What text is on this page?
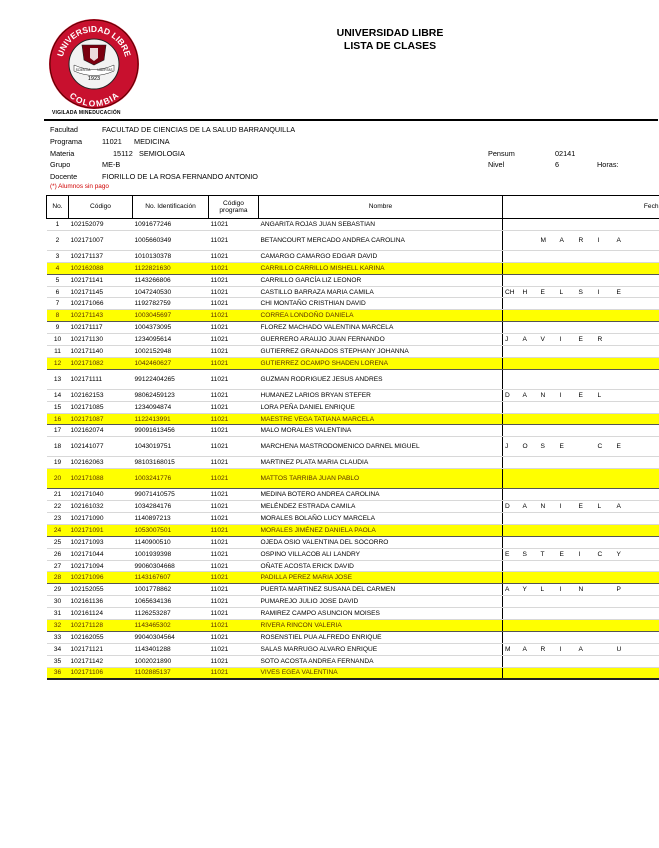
UNIVERSIDAD LIBRE
COLOMBIA
SCIENTIA LIBERTAS
1923
VIGILADA MINEDUCACIÓN
UNIVERSIDAD LIBRE
LISTA DE CLASES
Facultad	FACULTAD DE CIENCIAS DE LA SALUD BARRANQUILLA
Programa	11021 MEDICINA
Materia	15112 SEMIOLOGIA
Grupo	ME-B
Docente	FIORILLO DE LA ROSA FERNANDO ANTONIO
Pensum	02141
Nivel	6	Horas:
(*) Alumnos sin pago
No.	Código	No. Identificación	Código
programa	Nombre	Fech							
1	102152079	1091677246	11021	ANGARITA ROJAS JUAN SEBASTIAN								
2	102171007	1005660349	11021	BETANCOURT MERCADO ANDREA CAROLINA			M	A	R	I	A	
3	102171137	1010130378	11021	CAMARGO CAMARGO EDGAR DAVID								
4	102162088	1122821630	11021	CARRILLO CARRILLO MISHELL KARINA								
5	102171141	1143266806	11021	CARRILLO GARCÍA LIZ LEONOR								
6	102171145	1047240530	11021	CASTILLO BARRAZA MARIA CAMILA	CH	H	E	L	S	I	E	
7	102171066	1192782759	11021	CHI MONTAÑO CRISTHIAN DAVID								
8	102171143	1003045697	11021	CORREA LONDOÑO DANIELA								
9	102171117	1004373095	11021	FLOREZ MACHADO VALENTINA MARCELA								
10	102171130	1234095614	11021	GUERRERO ARAUJO JUAN FERNANDO	J	A	V	I	E	R		
11	102171140	1002152948	11021	GUTIERREZ GRANADOS STEPHANY JOHANNA								
12	102171082	1042460627	11021	GUTIERREZ OCAMPO SHADEN LORENA								
13	102171111	99122404265	11021	GUZMAN RODRIGUEZ JESUS ANDRES								
14	102162153	98062459123	11021	HUMANEZ LARIOS BRYAN STEFER	D	A	N	I	E	L		
15	102171085	1234094874	11021	LORA PEÑA DANIEL ENRIQUE								
16	102171087	1122413991	11021	MAESTRE VEGA TATIANA MARCELA								
17	102162074	99091613456	11021	MALO MORALES VALENTINA								
18	102141077	1043019751	11021	MARCHENA MASTRODOMENICO DARNEL MIGUEL	J	O	S	E		C	E	
19	102162063	98103168015	11021	MARTINEZ PLATA MARIA CLAUDIA								
20	102171088	1003241776	11021	MATTOS TARRIBA JUAN PABLO								
21	102171040	99071410575	11021	MEDINA BOTERO ANDREA CAROLINA								
22	102161032	1034284176	11021	MELÉNDEZ ESTRADA CAMILA	D	A	N	I	E	L	A	
23	102171090	1140897213	11021	MORALES BOLAÑO LUCY MARCELA								
24	102171091	1053007501	11021	MORALES JIMÉNEZ DANIELA PAOLA								
25	102171093	1140900510	11021	OJEDA OSIO VALENTINA DEL SOCORRO								
26	102171044	1001939398	11021	OSPINO VILLACOB ALI LANDRY	E	S	T	E	I	C	Y	
27	102171094	99060304668	11021	OÑATE ACOSTA ERICK DAVID								
28	102171096	1143167607	11021	PADILLA PEREZ MARIA JOSE								
29	102152055	1001778862	11021	PUERTA MARTINEZ SUSANA DEL CARMEN	A	Y	L	I	N		P	
30	102161136	1065634136	11021	PUMAREJO JULIO JOSE DAVID								
31	102161124	1126253287	11021	RAMIREZ CAMPO ASUNCION MOISES								
32	102171128	1143465302	11021	RIVERA RINCON VALERIA								
33	102162055	99040304564	11021	ROSENSTIEL PUA ALFREDO ENRIQUE								
34	102171121	1143401288	11021	SALAS MARRUGO ALVARO ENRIQUE	M	A	R	I	A		U	
35	102171142	1002021890	11021	SOTO ACOSTA ANDREA FERNANDA								
36	102171106	1102885137	11021	VIVES EGEA VALENTINA								
